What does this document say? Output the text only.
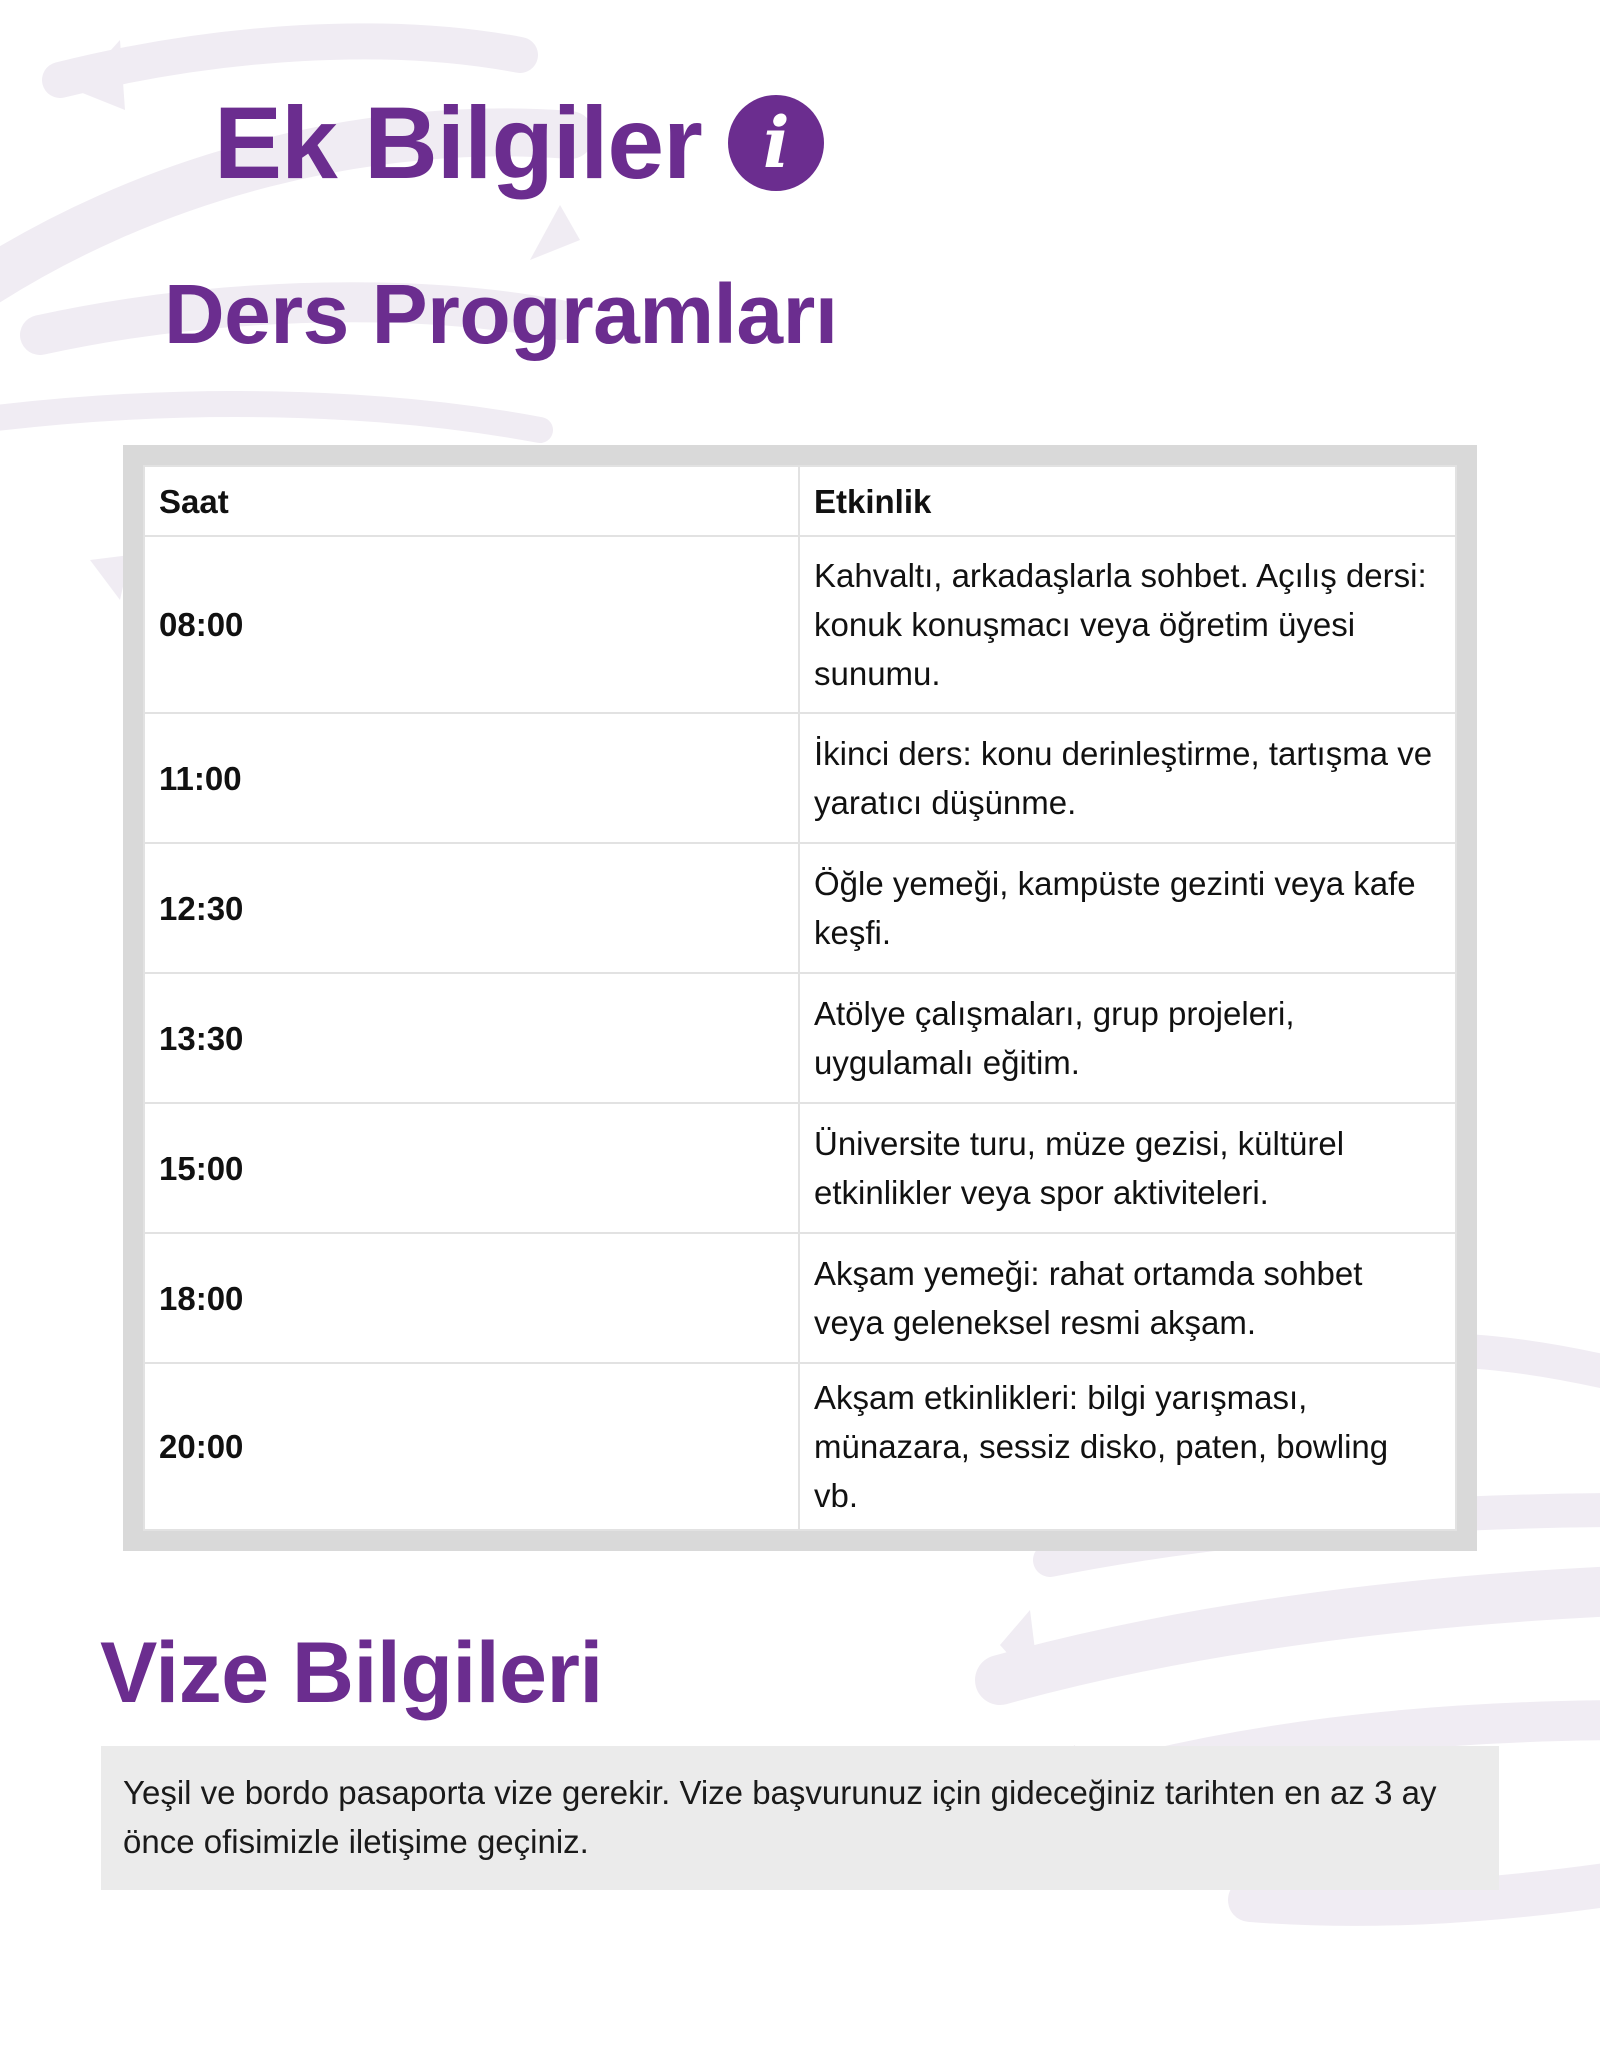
Ek Bilgiler i
Ders Programları
Saat	Etkinlik
08:00	Kahvaltı, arkadaşlarla sohbet. Açılış dersi: konuk konuşmacı veya öğretim üyesi sunumu.
11:00	İkinci ders: konu derinleştirme, tartışma ve yaratıcı düşünme.
12:30	Öğle yemeği, kampüste gezinti veya kafe keşfi.
13:30	Atölye çalışmaları, grup projeleri, uygulamalı eğitim.
15:00	Üniversite turu, müze gezisi, kültürel etkinlikler veya spor aktiviteleri.
18:00	Akşam yemeği: rahat ortamda sohbet veya geleneksel resmi akşam.
20:00	Akşam etkinlikleri: bilgi yarışması, münazara, sessiz disko, paten, bowling vb.
Vize Bilgileri
Yeşil ve bordo pasaporta vize gerekir. Vize başvurunuz için gideceğiniz tarihten en az 3 ay önce ofisimizle iletişime geçiniz.
